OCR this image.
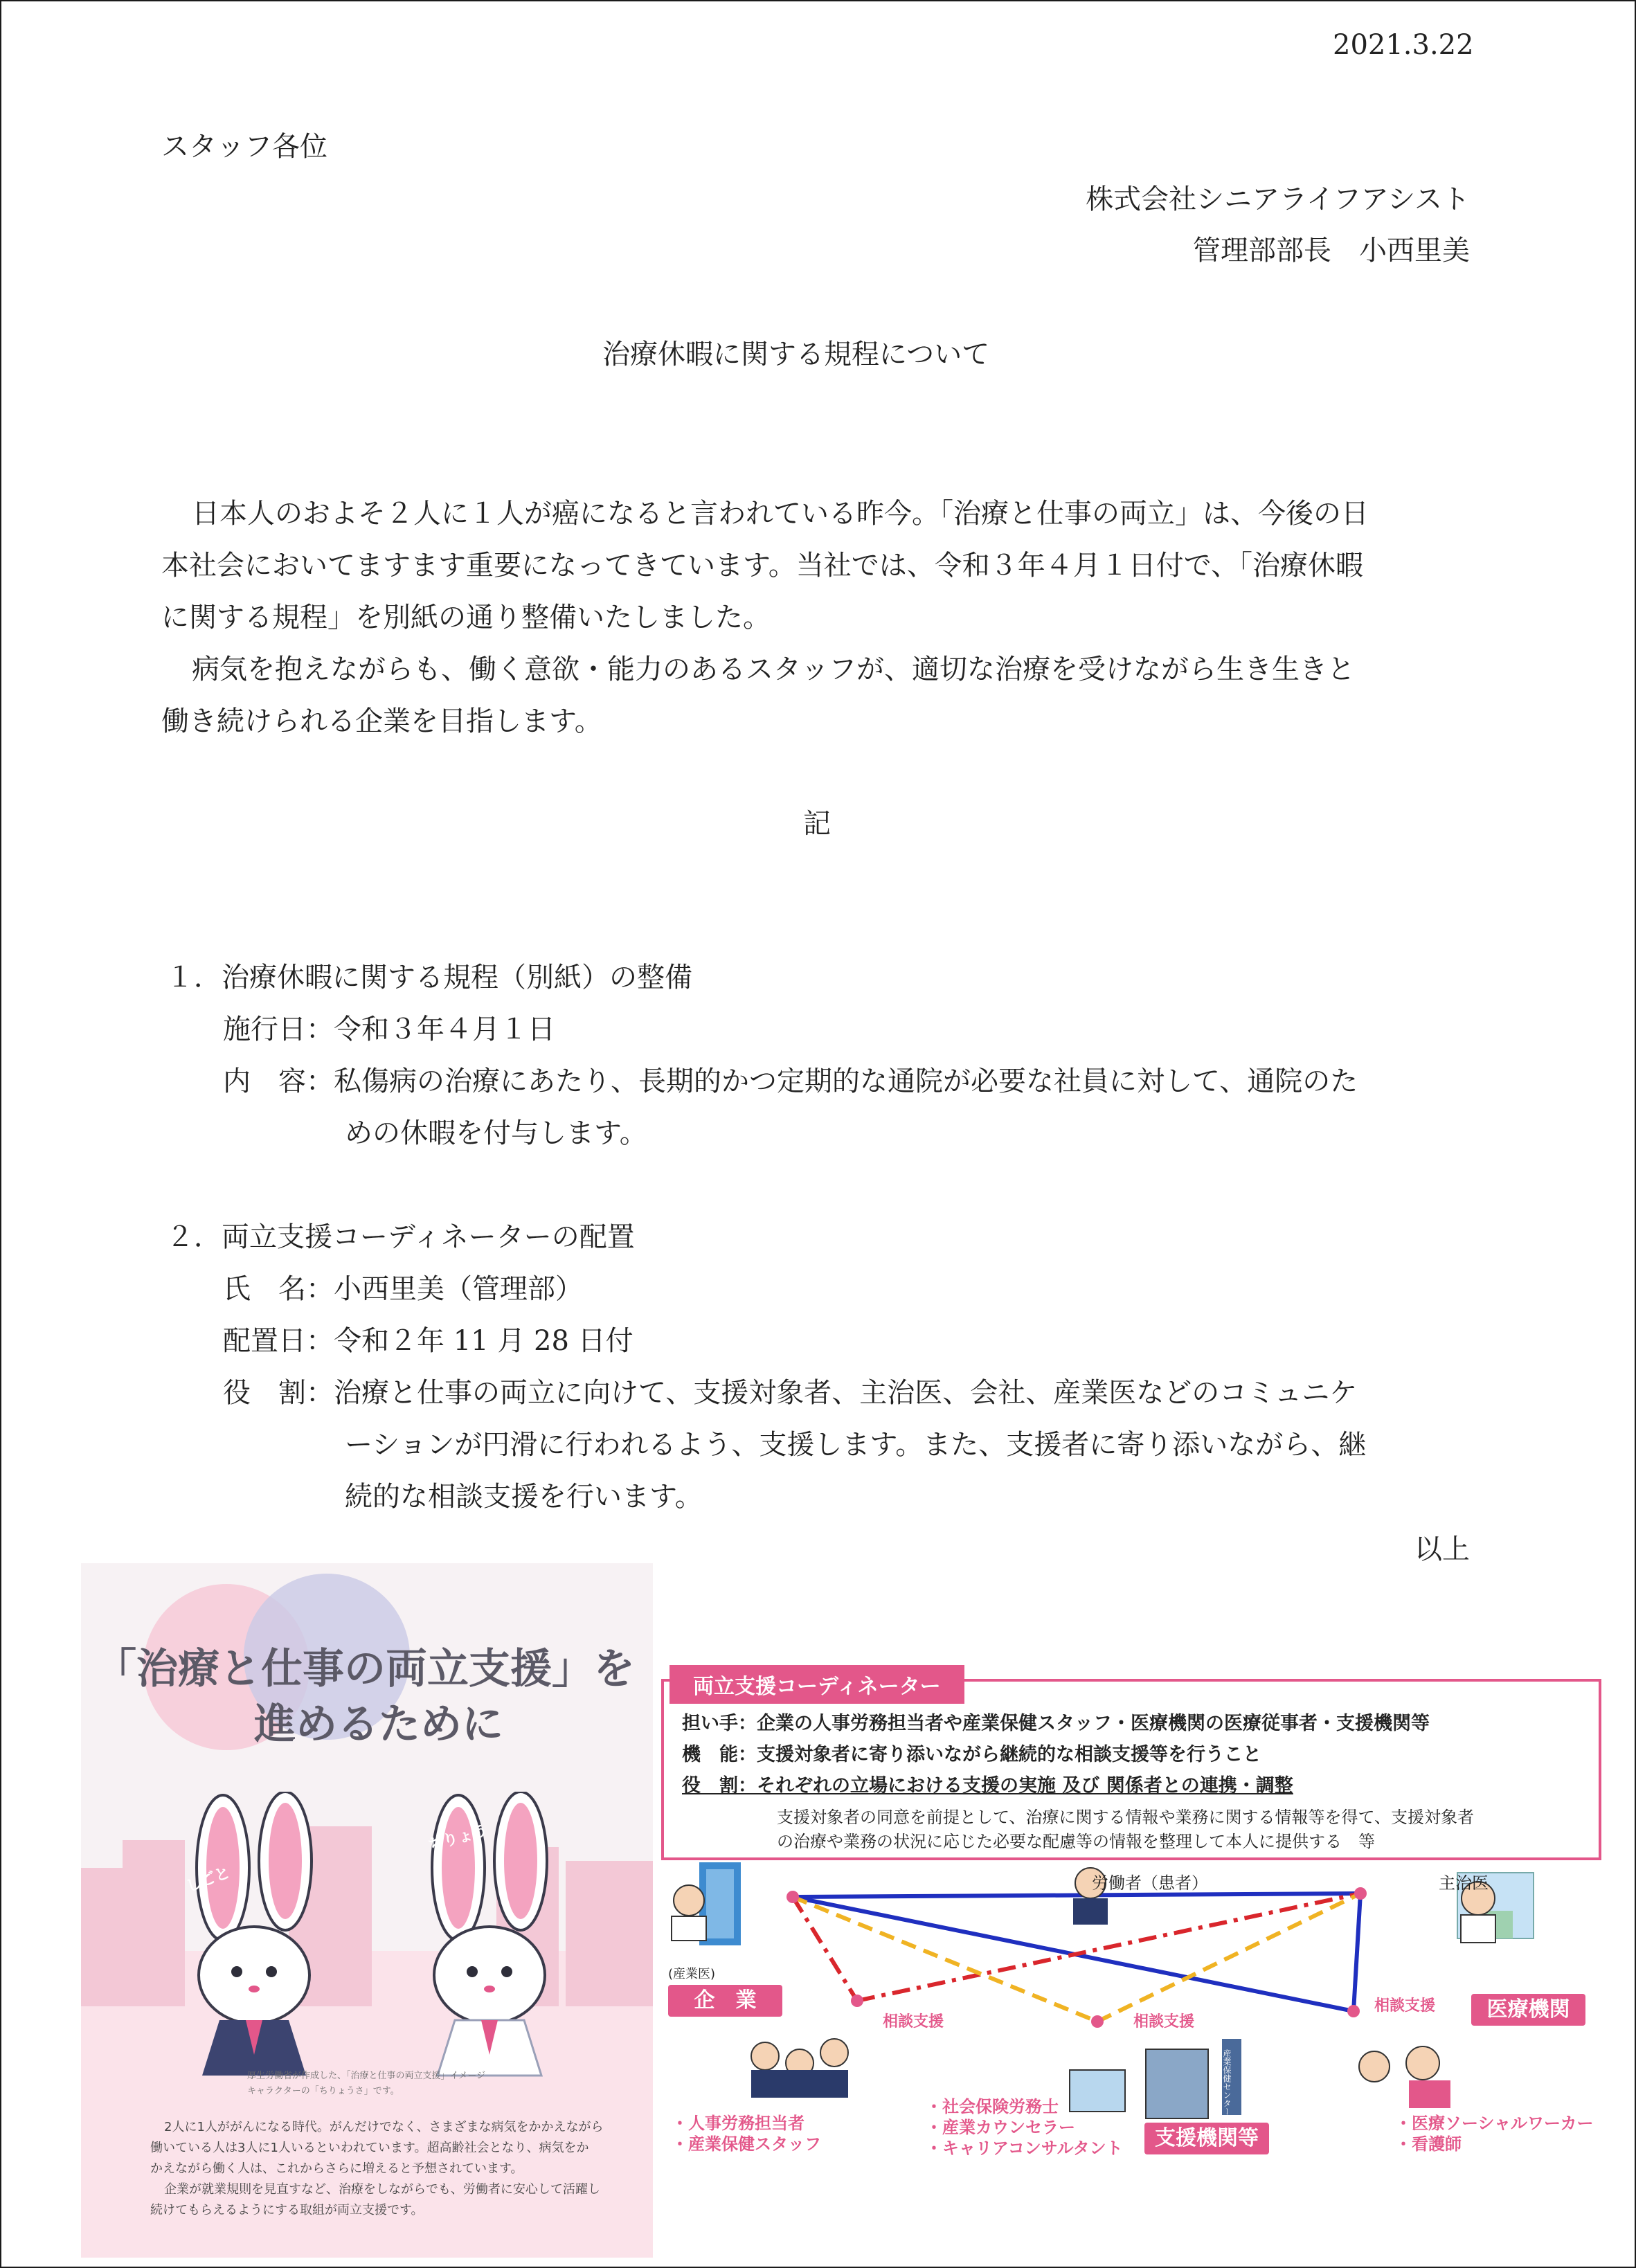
2021.3.22
スタッフ各位
株式会社シニアライフアシスト
管理部部長　小西里美
治療休暇に関する規程について
日本人のおよそ２人に１人が癌になると言われている昨今。「治療と仕事の両立」は、今後の日
本社会においてますます重要になってきています。当社では、令和３年４月１日付で、「治療休暇
に関する規程」を別紙の通り整備いたしました。
病気を抱えながらも、働く意欲・能力のあるスタッフが、適切な治療を受けながら生き生きと
働き続けられる企業を目指します。
記
１．治療休暇に関する規程（別紙）の整備
施行日：令和３年４月１日
内　容：私傷病の治療にあたり、長期的かつ定期的な通院が必要な社員に対して、通院のた
めの休暇を付与します。
２．両立支援コーディネーターの配置
氏　名：小西里美（管理部）
配置日：令和２年 11 月 28 日付
役　割：治療と仕事の両立に向けて、支援対象者、主治医、会社、産業医などのコミュニケ
ーションが円滑に行われるよう、支援します。また、支援者に寄り添いながら、継
続的な相談支援を行います。
以上
「治療と仕事の両立支援」を
進めるために
しごと
ちりょう
厚生労働省が作成した、「治療と仕事の両立支援」イメージ
キャラクターの「ちりょうさ」です。
2人に1人ががんになる時代。がんだけでなく、さまざまな病気をかかえながら
働いている人は3人に1人いるといわれています。超高齢社会となり、病気をか
かえながら働く人は、これからさらに増えると予想されています。
企業が就業規則を見直すなど、治療をしながらでも、労働者に安心して活躍し
続けてもらえるようにする取組が両立支援です。
両立支援コーディネーター
担い手：企業の人事労務担当者や産業保健スタッフ・医療機関の医療従事者・支援機関等
機　能：支援対象者に寄り添いながら継続的な相談支援等を行うこと
役　割：それぞれの立場における支援の実施 及び 関係者との連携・調整
支援対象者の同意を前提として、治療に関する情報や業務に関する情報等を得て、支援対象者
の治療や業務の状況に応じた必要な配慮等の情報を整理して本人に提供する　等
労働者（患者）	主治医
(産業医)
企　業	医療機関
支援機関等
相談支援	相談支援
相談支援
産業保健センター
・人事労務担当者
・産業保健スタッフ
・社会保険労務士
・産業カウンセラー
・キャリアコンサルタント
・医療ソーシャルワーカー
・看護師
